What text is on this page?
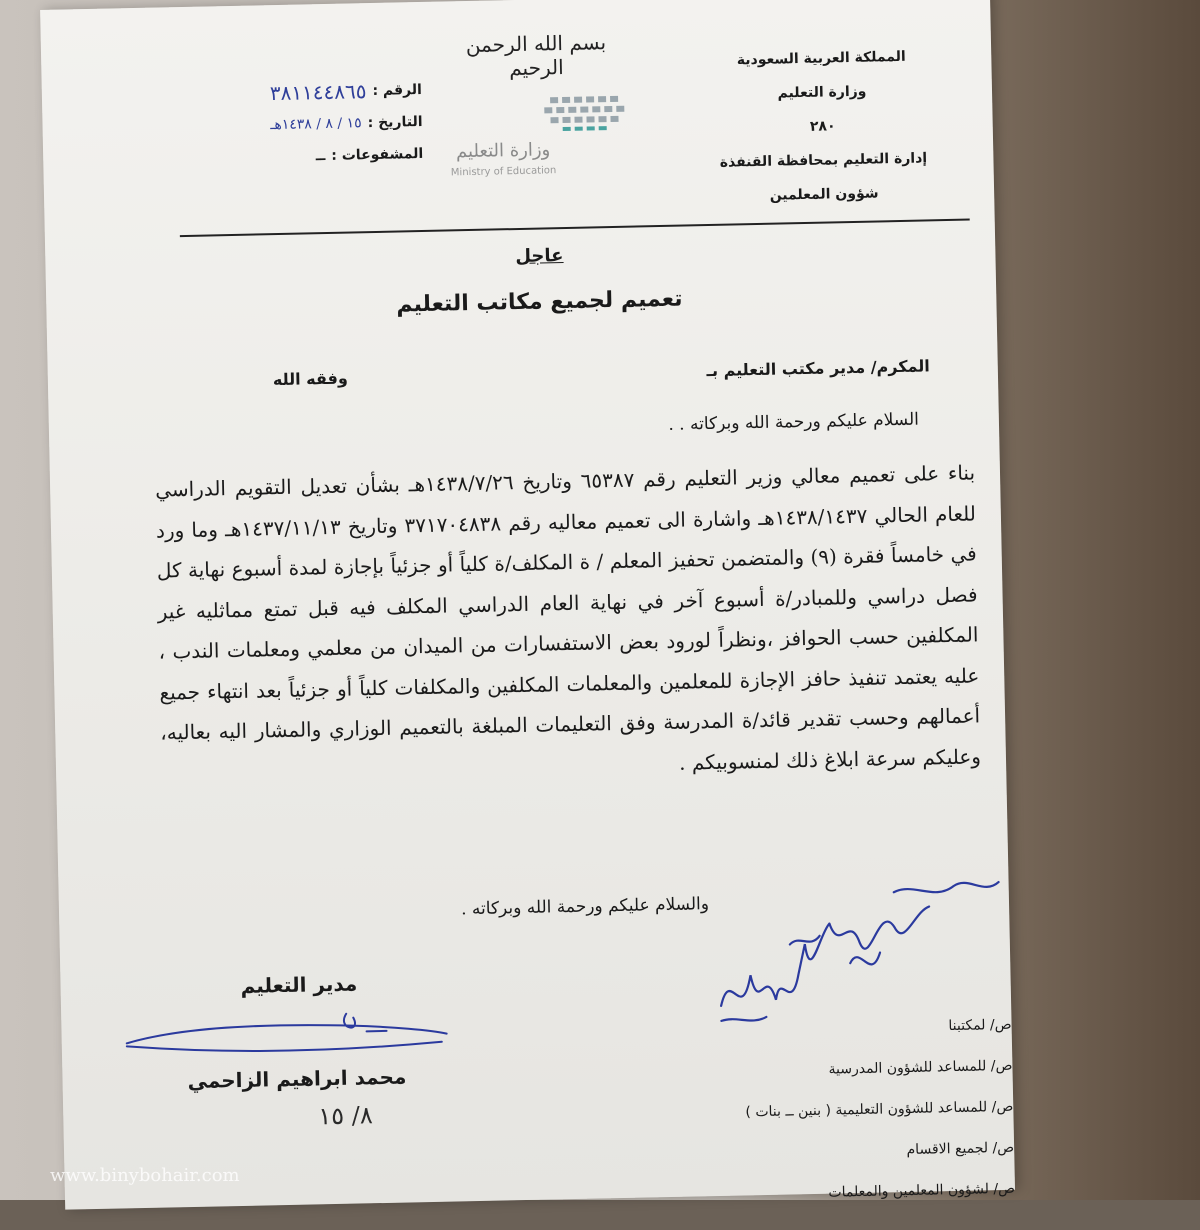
المملكة العربية السعودية
وزارة التعليم
٢٨٠
إدارة التعليم بمحافظة القنفذة
شؤون المعلمين
بسم الله الرحمن الرحيم
وزارة التعليم
Ministry of Education
الرقم :
٣٨١١٤٤٨٦٥
التاريخ :
١٥ / ٨ / ١٤٣٨هـ
المشفوعات :
ــ
عاجل
تعميم لجميع مكاتب التعليم
المكرم/ مدير مكتب التعليم بـ
وفقه الله
السلام عليكم ورحمة الله وبركاته . .
بناء على تعميم معالي وزير التعليم رقم ٦٥٣٨٧ وتاريخ ١٤٣٨/٧/٢٦هـ بشأن تعديل التقويم الدراسي للعام الحالي ١٤٣٨/١٤٣٧هـ واشارة الى تعميم معاليه رقم ٣٧١٧٠٤٨٣٨ وتاريخ ١٤٣٧/١١/١٣هـ وما ورد في خامساً فقرة (٩) والمتضمن تحفيز المعلم / ة المكلف/ة كلياً أو جزئياً بإجازة لمدة أسبوع نهاية كل فصل دراسي وللمبادر/ة أسبوع آخر في نهاية العام الدراسي المكلف فيه قبل تمتع مماثليه غير المكلفين حسب الحوافز ،ونظراً لورود بعض الاستفسارات من الميدان من معلمي ومعلمات الندب ، عليه يعتمد تنفيذ حافز الإجازة للمعلمين والمعلمات المكلفين والمكلفات كلياً أو جزئياً بعد انتهاء جميع أعمالهم وحسب تقدير قائد/ة المدرسة وفق التعليمات المبلغة بالتعميم الوزاري والمشار اليه بعاليه، وعليكم سرعة ابلاغ ذلك لمنسوبيكم .
والسلام عليكم ورحمة الله وبركاته .
مدير التعليم
محمد ابراهيم الزاحمي
٨/ ١٥
ص/ لمكتبنا
ص/ للمساعد للشؤون المدرسية
ص/ للمساعد للشؤون التعليمية ( بنين ــ بنات )
ص/ لجميع الاقسام
ص/ لشؤون المعلمين والمعلمات
www.binybohair.com
